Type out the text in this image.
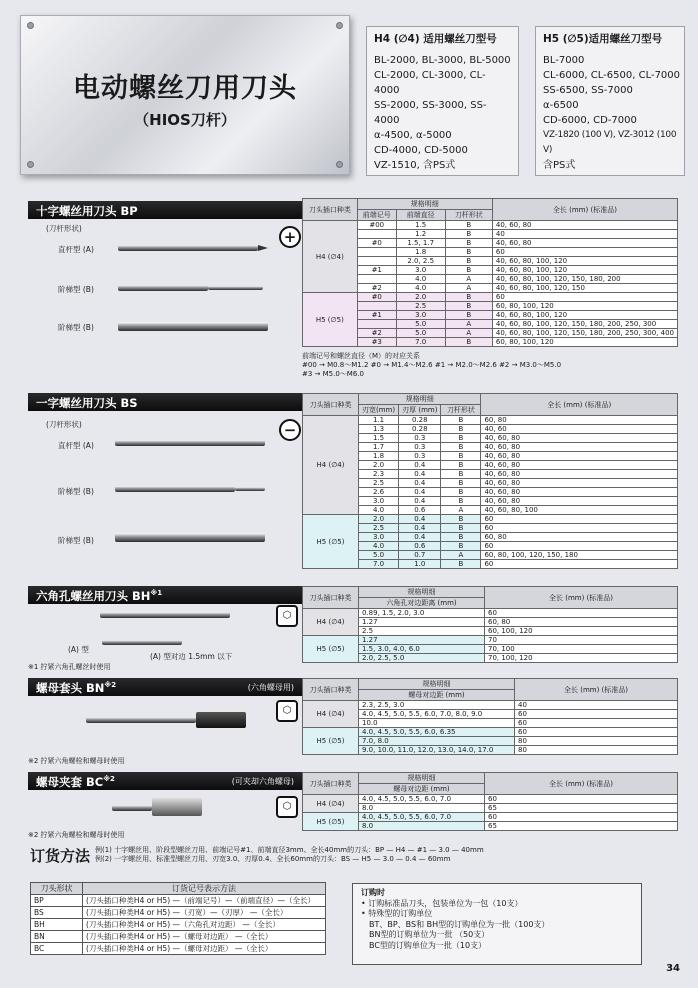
电动螺丝刀用刀头
（HIOS刀杆）
H4 (∅4) 适用螺丝刀型号
BL-2000, BL-3000, BL-5000
CL-2000, CL-3000, CL-4000
SS-2000, SS-3000, SS-4000
α-4500, α-5000
CD-4000, CD-5000
VZ-1510, 含PS式
H5 (∅5)适用螺丝刀型号
BL-7000
CL-6000, CL-6500, CL-7000
SS-6500, SS-7000
α-6500
CD-6000, CD-7000
VZ-1820 (100 V), VZ-3012 (100 V)
含PS式
十字螺丝用刀头 BP
+
(刀杆形状)
直杆型 (A)
阶梯型 (B)
阶梯型 (B)
刀头插口种类	规格明细			全长 (mm) (标准品)
	前端记号	前端直径	刀杆形状	
H4 (∅4)	#00	1.5	B	40, 60, 80
		1.2	B	40
	#0	1.5, 1.7	B	40, 60, 80
		1.8	B	60
		2.0, 2.5	B	40, 60, 80, 100, 120
	#1	3.0	B	40, 60, 80, 100, 120
		4.0	A	40, 60, 80, 100, 120, 150, 180, 200
	#2	4.0	A	40, 60, 80, 100, 120, 150
H5 (∅5)	#0	2.0	B	60
		2.5	B	60, 80, 100, 120
	#1	3.0	B	40, 60, 80, 100, 120
		5.0	A	40, 60, 80, 100, 120, 150, 180, 200, 250, 300
	#2	5.0	A	40, 60, 80, 100, 120, 150, 180, 200, 250, 300, 400
	#3	7.0	B	60, 80, 100, 120
前端记号和螺丝直径（M）的对应关系
#00 → M0.8～M1.2 #0 → M1.4～M2.6 #1 → M2.0～M2.6 #2 → M3.0～M5.0
#3 → M5.0～M6.0
一字螺丝用刀头 BS
−
(刀杆形状)
直杆型 (A)
阶梯型 (B)
阶梯型 (B)
刀头插口种类	规格明细			全长 (mm) (标准品)
	刃宽(mm)	刃厚 (mm)	刀杆形状	
H4 (∅4)	1.1	0.28	B	60, 80
	1.3	0.28	B	40, 60
	1.5	0.3	B	40, 60, 80
	1.7	0.3	B	40, 60, 80
	1.8	0.3	B	40, 60, 80
	2.0	0.4	B	40, 60, 80
	2.3	0.4	B	40, 60, 80
	2.5	0.4	B	40, 60, 80
	2.6	0.4	B	40, 60, 80
	3.0	0.4	B	40, 60, 80
	4.0	0.6	A	40, 60, 80, 100
H5 (∅5)	2.0	0.4	B	60
	2.5	0.4	B	60
	3.0	0.4	B	60, 80
	4.0	0.6	B	60
	5.0	0.7	A	60, 80, 100, 120, 150, 180
	7.0	1.0	B	60
六角孔螺丝用刀头 BH$^{※1}$
⬡
(A) 型
(A) 型对边 1.5mm 以下
※1 拧紧六角孔螺丝时使用
刀头插口种类	规格明细	全长 (mm) (标准品)
	六角孔对边距离 (mm)	
H4 (∅4)	0.89, 1.5, 2.0, 3.0	60
	1.27	60, 80
	2.5	60, 100, 120
H5 (∅5)	1.27	70
	1.5, 3.0, 4.0, 6.0	70, 100
	2.0, 2.5, 5.0	70, 100, 120
螺母套头 BN$^{※2}$	(六角螺母用)
⬡
※2 拧紧六角螺栓和螺母时使用
刀头插口种类	规格明细	全长 (mm) (标准品)
	螺母对边距 (mm)	
H4 (∅4)	2.3, 2.5, 3.0	40
	4.0, 4.5, 5.0, 5.5, 6.0, 7.0, 8.0, 9.0	60
	10.0	60
H5 (∅5)	4.0, 4.5, 5.0, 5.5, 6.0, 6.35	60
	7.0, 8.0	80
	9.0, 10.0, 11.0, 12.0, 13.0, 14.0, 17.0	80
螺母夹套 BC$^{※2}$	(可夹却六角螺母)
⬡
※2 拧紧六角螺栓和螺母时使用
刀头插口种类	规格明细	全长 (mm) (标准品)
	螺母对边距 (mm)	
H4 (∅4)	4.0, 4.5, 5.0, 5.5, 6.0, 7.0	60
	8.0	65
H5 (∅5)	4.0, 4.5, 5.0, 5.5, 6.0, 7.0	60
	8.0	65
订货方法 例(1) 十字螺丝用、阶段型螺丝刀用、前端记号#1、前端直径3mm、全长40mm的刀头：BP — H4 — #1 — 3.0 — 40mm
例(2) 一字螺丝用、标准型螺丝刀用、刃宽3.0、刃厚0.4、全长60mm的刀头：BS — H5 — 3.0 — 0.4 — 60mm
刀头形状	订货记号表示方法
BP	(刀头插口种类H4 or H5) —（前端记号）—（前端直径）—（全长）
BS	(刀头插口种类H4 or H5) —（刃宽）—（刃厚） —（全长）
BH	(刀头插口种类H4 or H5) —（六角孔对边距） —（全长）
BN	(刀头插口种类H4 or H5) —（螺母对边距） —（全长）
BC	(刀头插口种类H4 or H5) —（螺母对边距） —（全长）
订购时
• 订购标准品刀头，包装单位为一包（10支）
• 特殊型的订购单位
BT、BP、BS和 BH型的订购单位为一批（100支）
BN型的订购单位为一批 （50支）
BC型的订购单位为一批（10支）
34
